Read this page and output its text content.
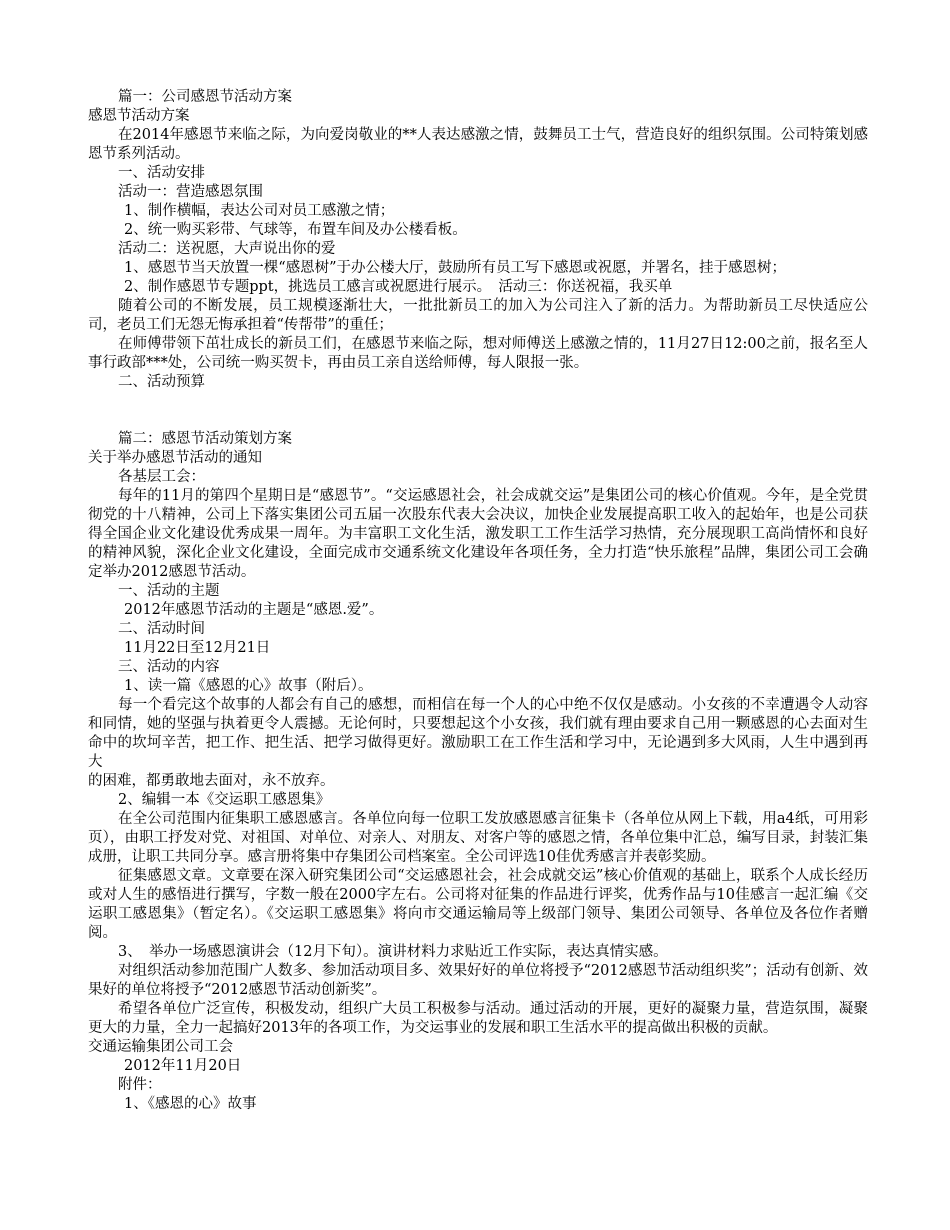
篇一：公司感恩节活动方案
感恩节活动方案

在2014年感恩节来临之际，为向爱岗敬业的**人表达感激之情，鼓舞员工士气，营造良好的组织氛围。公司特策划感恩节系列活动。

一、活动安排
活动一：营造感恩氛围
1、制作横幅，表达公司对员工感激之情；
2、统一购买彩带、气球等，布置车间及办公楼看板。
活动二：送祝愿，大声说出你的爱
1、感恩节当天放置一棵“感恩树”于办公楼大厅，鼓励所有员工写下感恩或祝愿，并署名，挂于感恩树；
2、制作感恩节专题ppt，挑选员工感言或祝愿进行展示。　活动三：你送祝福，我买单

随着公司的不断发展，员工规模逐渐壮大，一批批新员工的加入为公司注入了新的活力。为帮助新员工尽快适应公司，老员工们无怨无悔承担着“传帮带”的重任；

在师傅带领下茁壮成长的新员工们，在感恩节来临之际，想对师傅送上感激之情的，11月27日12:00之前，报名至人事行政部***处，公司统一购买贺卡，再由员工亲自送给师傅，每人限报一张。

二、活动预算
篇二：感恩节活动策划方案
关于举办感恩节活动的通知
各基层工会：

每年的11月的第四个星期日是“感恩节”。“交运感恩社会，社会成就交运”是集团公司的核心价值观。今年，是全党贯彻党的十八精神，公司上下落实集团公司五届一次股东代表大会决议，加快企业发展提高职工收入的起始年，也是公司获得全国企业文化建设优秀成果一周年。为丰富职工文化生活，激发职工工作生活学习热情，充分展现职工高尚情怀和良好的精神风貌，深化企业文化建设，全面完成市交通系统文化建设年各项任务，全力打造“快乐旅程”品牌，集团公司工会确定举办2012感恩节活动。

一、活动的主题
2012年感恩节活动的主题是“感恩.爱”。
二、活动时间
11月22日至12月21日
三、活动的内容
1、读一篇《感恩的心》故事（附后）。

每一个看完这个故事的人都会有自己的感想，而相信在每一个人的心中绝不仅仅是感动。小女孩的不幸遭遇令人动容和同情，她的坚强与执着更令人震撼。无论何时，只要想起这个小女孩，我们就有理由要求自己用一颗感恩的心去面对生命中的坎坷辛苦，把工作、把生活、把学习做得更好。激励职工在工作生活和学习中，无论遇到多大风雨，人生中遇到再大

的困难，都勇敢地去面对，永不放弃。
2、编辑一本《交运职工感恩集》

在全公司范围内征集职工感恩感言。各单位向每一位职工发放感恩感言征集卡（各单位从网上下载，用a4纸，可用彩页），由职工抒发对党、对祖国、对单位、对亲人、对朋友、对客户等的感恩之情，各单位集中汇总，编写目录，封装汇集成册，让职工共同分享。感言册将集中存集团公司档案室。全公司评选10佳优秀感言并表彰奖励。

征集感恩文章。文章要在深入研究集团公司“交运感恩社会，社会成就交运”核心价值观的基础上，联系个人成长经历或对人生的感悟进行撰写，字数一般在2000字左右。公司将对征集的作品进行评奖，优秀作品与10佳感言一起汇编《交运职工感恩集》（暂定名）。《交运职工感恩集》将向市交通运输局等上级部门领导、集团公司领导、各单位及各位作者赠阅。

3、　举办一场感恩演讲会（12月下旬）。演讲材料力求贴近工作实际，表达真情实感。

对组织活动参加范围广人数多、参加活动项目多、效果好好的单位将授予“2012感恩节活动组织奖”；活动有创新、效果好的单位将授予“2012感恩节活动创新奖”。

希望各单位广泛宣传，积极发动，组织广大员工积极参与活动。通过活动的开展，更好的凝聚力量，营造氛围，凝聚更大的力量，全力一起搞好2013年的各项工作，为交运事业的发展和职工生活水平的提高做出积极的贡献。

交通运输集团公司工会
2012年11月20日
附件：
1、《感恩的心》故事
